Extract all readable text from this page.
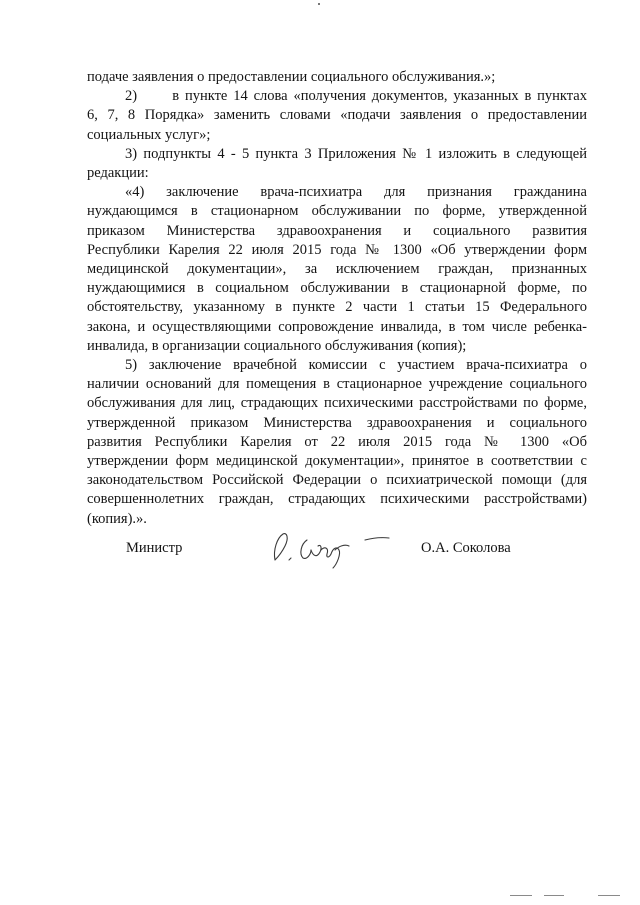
подаче заявления о предоставлении социального обслуживания.»;

2)      в пункте 14 слова «получения документов, указанных в пунктах
6, 7, 8 Порядка» заменить словами «подачи заявления о предоставлении
социальных услуг»;

3) подпункты 4 - 5 пункта 3 Приложения № 1 изложить в следующей
редакции:

«4) заключение врача-психиатра для признания гражданина
нуждающимся в стационарном обслуживании по форме, утвержденной
приказом Министерства здравоохранения и социального развития
Республики Карелия 22 июля 2015 года № 1300 «Об утверждении форм
медицинской документации», за исключением граждан, признанных
нуждающимися в социальном обслуживании в стационарной форме, по
обстоятельству, указанному в пункте 2 части 1 статьи 15 Федерального
закона, и осуществляющими сопровождение инвалида, в том числе ребенка-
инвалида, в организации социального обслуживания (копия);

5) заключение врачебной комиссии с участием врача-психиатра о
наличии оснований для помещения в стационарное учреждение социального
обслуживания для лиц, страдающих психическими расстройствами по форме,
утвержденной приказом Министерства здравоохранения и социального
развития Республики Карелия от 22 июля 2015 года № 1300 «Об
утверждении форм медицинской документации», принятое в соответствии с
законодательством Российской Федерации о психиатрической помощи (для
совершеннолетних граждан, страдающих психическими расстройствами)
(копия).».

Министр	О.А. Соколова
